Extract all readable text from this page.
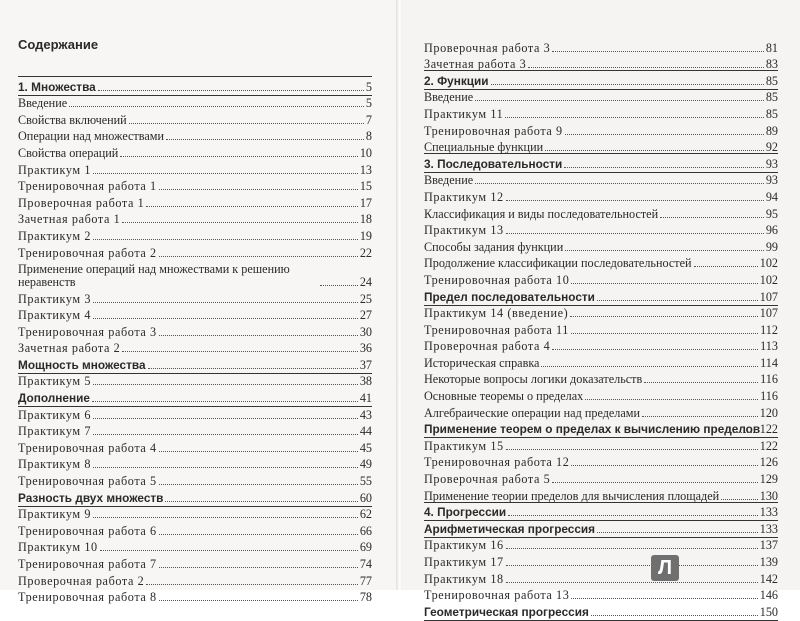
Содержание
1. Множества	5
Введение	5
Свойства включений	7
Операции над множествами	8
Свойства операций	10
Практикум 1	13
Тренировочная работа 1	15
Проверочная работа 1	17
Зачетная работа 1	18
Практикум 2	19
Тренировочная работа 2	22
Применение операций над множествами к решению неравенств	24
Практикум 3	25
Практикум 4	27
Тренировочная работа 3	30
Зачетная работа 2	36
Мощность множества	37
Практикум 5	38
Дополнение	41
Практикум 6	43
Практикум 7	44
Тренировочная работа 4	45
Практикум 8	49
Тренировочная работа 5	55
Разность двух множеств	60
Практикум 9	62
Тренировочная работа 6	66
Практикум 10	69
Тренировочная работа 7	74
Проверочная работа 2	77
Тренировочная работа 8	78
Проверочная работа 3	81
Зачетная работа 3	83
2. Функции	85
Введение	85
Практикум 11	85
Тренировочная работа 9	89
Специальные функции	92
3. Последовательности	93
Введение	93
Практикум 12	94
Классификация и виды последовательностей	95
Практикум 13	96
Способы задания функции	99
Продолжение классификации последовательностей	102
Тренировочная работа 10	102
Предел последовательности	107
Практикум 14 (введение)	107
Тренировочная работа 11	112
Проверочная работа 4	113
Историческая справка	114
Некоторые вопросы логики доказательств	116
Основные теоремы о пределах	116
Алгебраические операции над пределами	120
Применение теорем о пределах к вычислению пределов 122
Практикум 15	122
Тренировочная работа 12	126
Проверочная работа 5	129
Применение теории пределов для вычисления площадей	130
4. Прогрессии	133
Арифметическая прогрессия	133
Практикум 16	137
Практикум 17	139
Практикум 18	142
Тренировочная работа 13	146
Геометрическая прогрессия	150
Л
